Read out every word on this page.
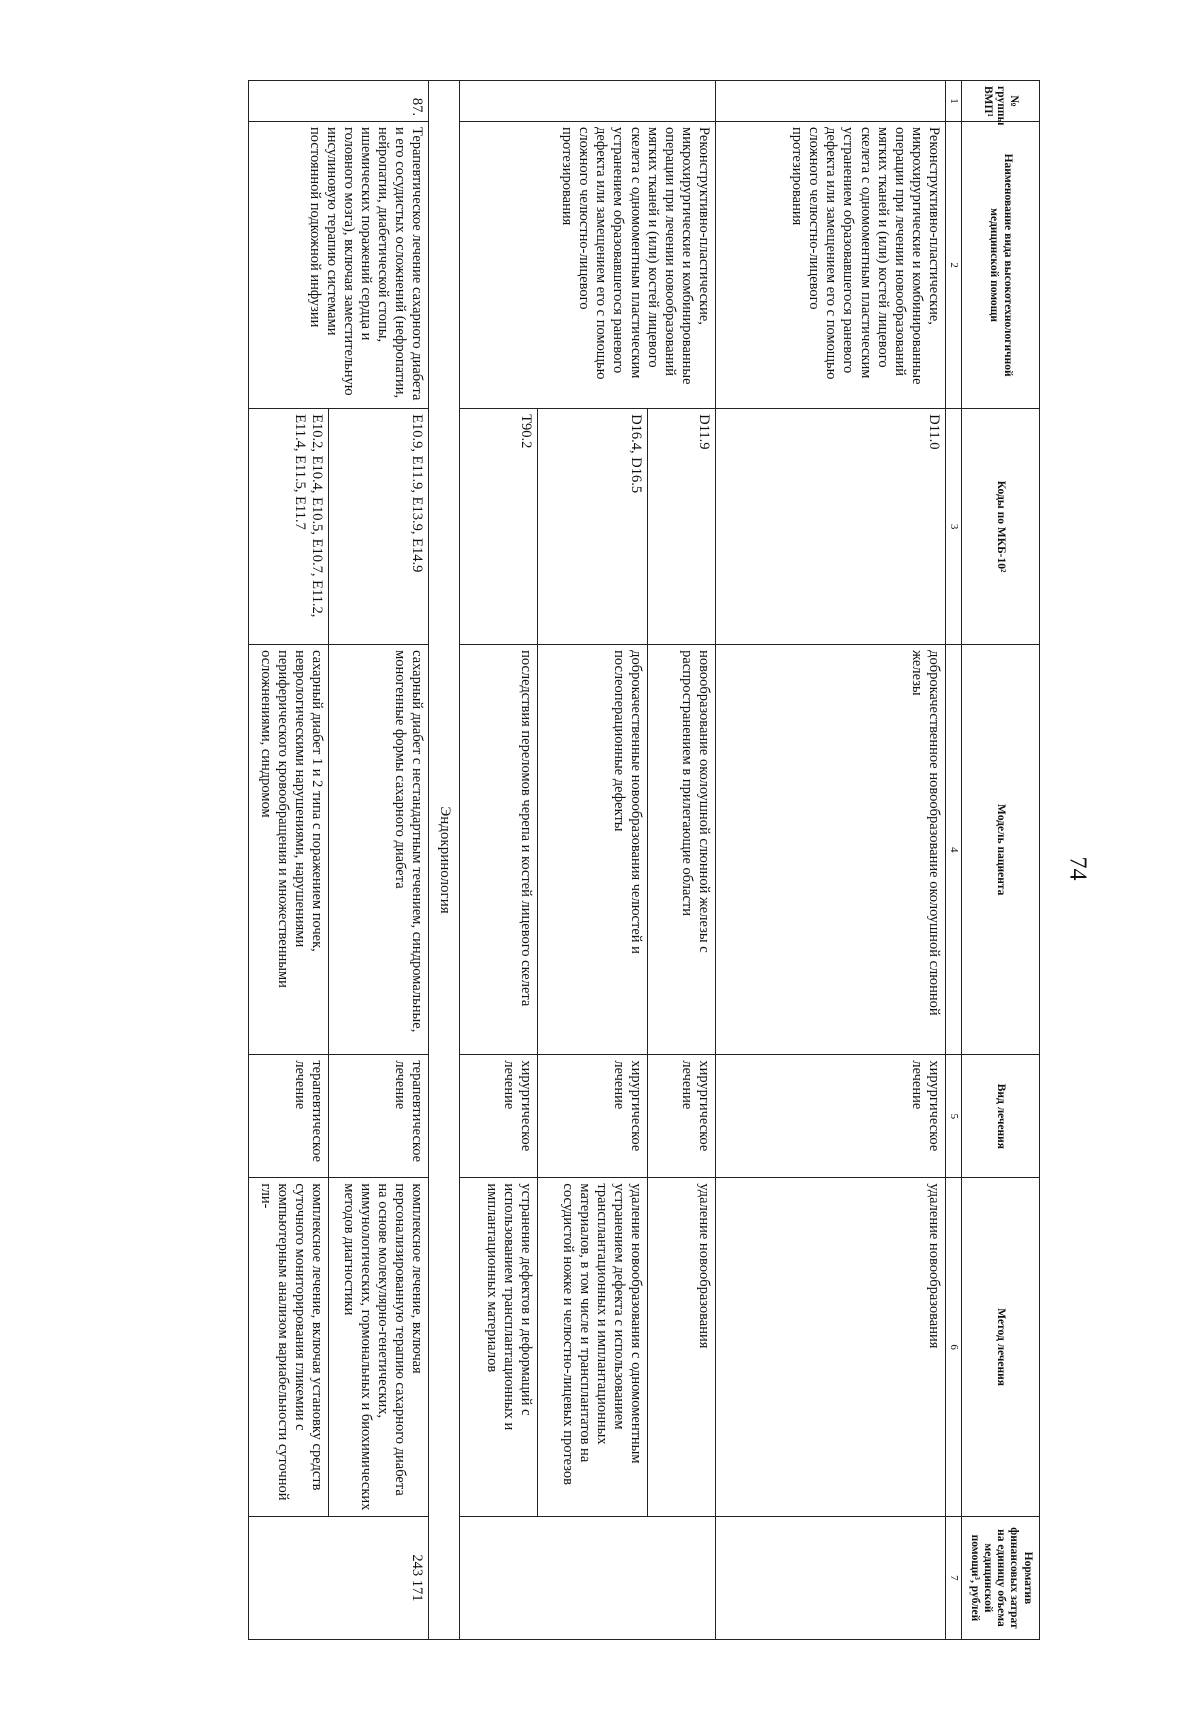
74
№ группы ВМП¹	Наименование вида высокотехнологичной медицинской помощи	Коды по МКБ-10²	Модель пациента	Вид лечения	Метод лечения	Норматив финансовых затрат на единицу объема медицинской помощи³, рублей
1	2	3	4	5	6	7
	Реконструктивно-пластические, микрохирургические и комбинированные операции при лечении новообразований мягких тканей и (или) костей лицевого скелета с одномоментным пластическим устранением образовавшегося раневого дефекта или замещением его с помощью сложного челюстно-лицевого протезирования	D11.0	доброкачественное новообразование околоушной слюнной железы	хирургическое лечение	удаление новообразования	
	Реконструктивно-пластические, микрохирургические и комбинированные операции при лечении новообразований мягких тканей и (или) костей лицевого скелета с одномоментным пластическим устранением образовавшегося раневого дефекта или замещением его с помощью сложного челюстно-лицевого протезирования	D11.9	новообразование околоушной слюнной железы с распространением в прилегающие области	хирургическое лечение	удаление новообразования	
		D16.4, D16.5	доброкачественные новообразования челюстей и послеоперационные дефекты	хирургическое лечение	удаление новообразования с одномоментным устранением дефекта с использованием трансплантационных и имплантационных материалов, в том числе и трансплантатов на сосудистой ножке и челюстно-лицевых протезов	
		T90.2	последствия переломов черепа и костей лицевого скелета	хирургическое лечение	устранение дефектов и деформаций с использованием трансплантационных и имплантационных материалов	
Эндокринология						
87.	Терапевтическое лечение сахарного диабета и его сосудистых осложнений (нефропатии, нейропатии, диабетической стопы, ишемических поражений сердца и головного мозга), включая заместительную инсулиновую терапию системами постоянной подкожной инфузии	E10.9, E11.9, E13.9, E14.9	сахарный диабет с нестандартным течением, синдромальные, моногенные формы сахарного диабета	терапевтическое лечение	комплексное лечение, включая персонализированную терапию сахарного диабета на основе молекулярно-генетических, иммунологических, гормональных и биохимических методов диагностики	243 171
		E10.2, E10.4, E10.5, E10.7, E11.2, E11.4, E11.5, E11.7	сахарный диабет 1 и 2 типа с поражением почек, неврологическими нарушениями, нарушениями периферического кровообращения и множественными осложнениями, синдромом	терапевтическое лечение	комплексное лечение, включая установку средств суточного мониторирования гликемии с компьютерным анализом вариабельности суточной гли-	
